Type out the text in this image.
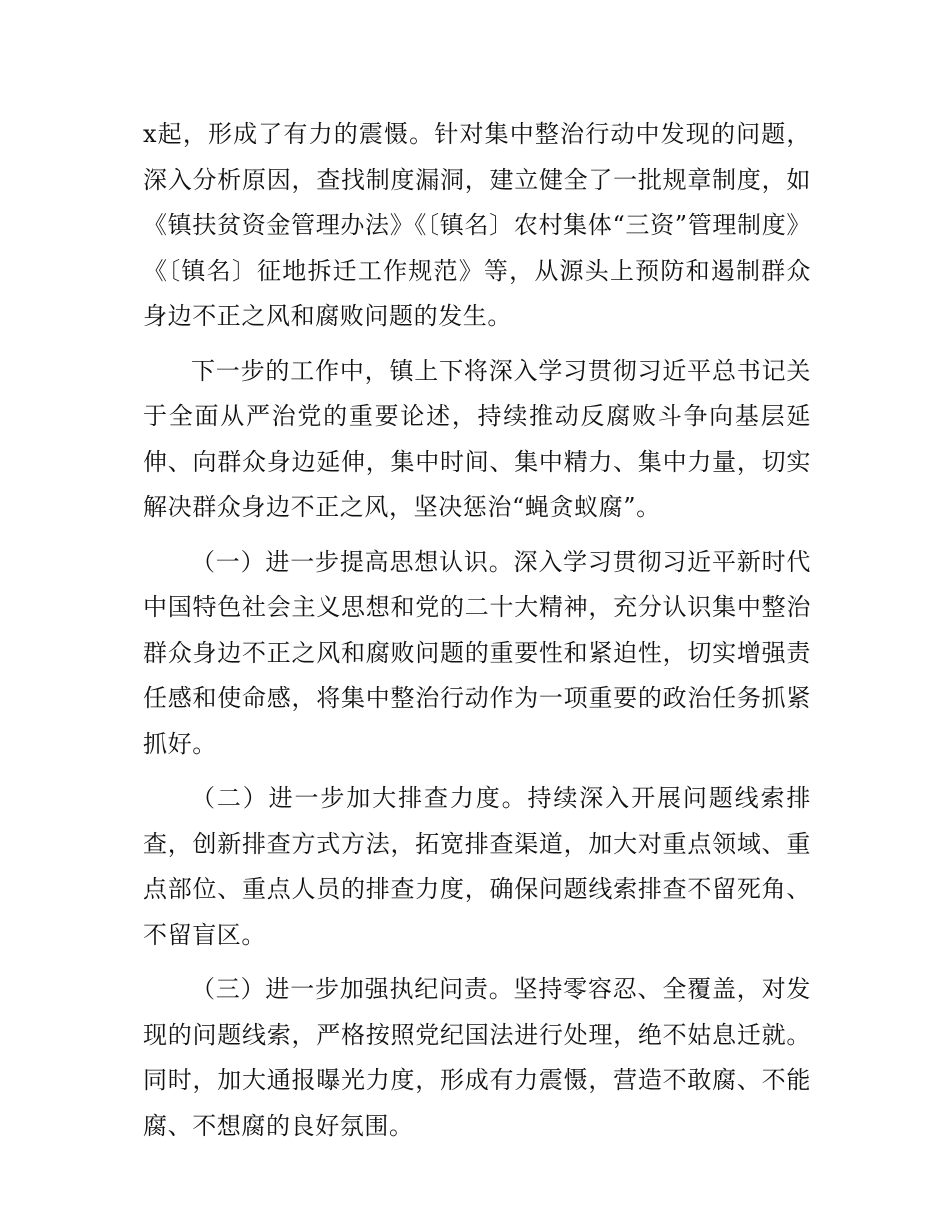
x起，形成了有力的震慑。针对集中整治行动中发现的问题，深入分析原因，查找制度漏洞，建立健全了一批规章制度，如《镇扶贫资金管理办法》《〔镇名〕农村集体“三资”管理制度》《〔镇名〕征地拆迁工作规范》等，从源头上预防和遏制群众身边不正之风和腐败问题的发生。

下一步的工作中，镇上下将深入学习贯彻习近平总书记关于全面从严治党的重要论述，持续推动反腐败斗争向基层延伸、向群众身边延伸，集中时间、集中精力、集中力量，切实解决群众身边不正之风，坚决惩治“蝇贪蚁腐”。

（一）进一步提高思想认识。深入学习贯彻习近平新时代中国特色社会主义思想和党的二十大精神，充分认识集中整治群众身边不正之风和腐败问题的重要性和紧迫性，切实增强责任感和使命感，将集中整治行动作为一项重要的政治任务抓紧抓好。

（二）进一步加大排查力度。持续深入开展问题线索排查，创新排查方式方法，拓宽排查渠道，加大对重点领域、重点部位、重点人员的排查力度，确保问题线索排查不留死角、不留盲区。

（三）进一步加强执纪问责。坚持零容忍、全覆盖，对发现的问题线索，严格按照党纪国法进行处理，绝不姑息迁就。同时，加大通报曝光力度，形成有力震慑，营造不敢腐、不能腐、不想腐的良好氛围。
